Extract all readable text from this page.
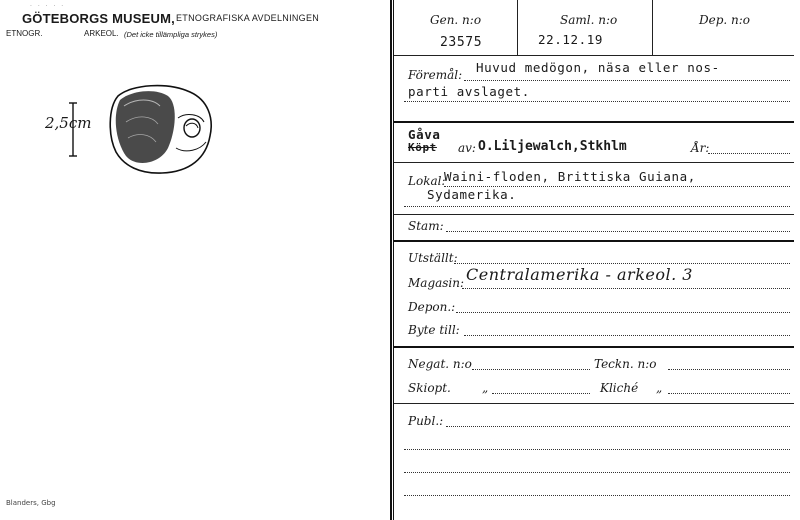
· · · · ·
GÖTEBORGS MUSEUM, ETNOGRAFISKA AVDELNINGEN
ETNOGR.	ARKEOL. (Det icke tillämpliga strykes)
2,5cm
Blanders, Gbg
Gen. n:o
23575
Saml. n:o
22.12.19
Dep. n:o
Föremål: Huvud medögon, näsa eller nos-
parti avslaget.
Gåva
Köpt av: O.Liljewalch,Stkhlm	År:
Lokal:
Waini-floden, Brittiska Guiana,
Sydamerika.
Stam:
Utställt:
Magasin: Centralamerika - arkeol. 3
Depon.:
Byte till:
Negat. n:o	Teckn. n:o
Skiopt.	„	Kliché „
Publ.:
